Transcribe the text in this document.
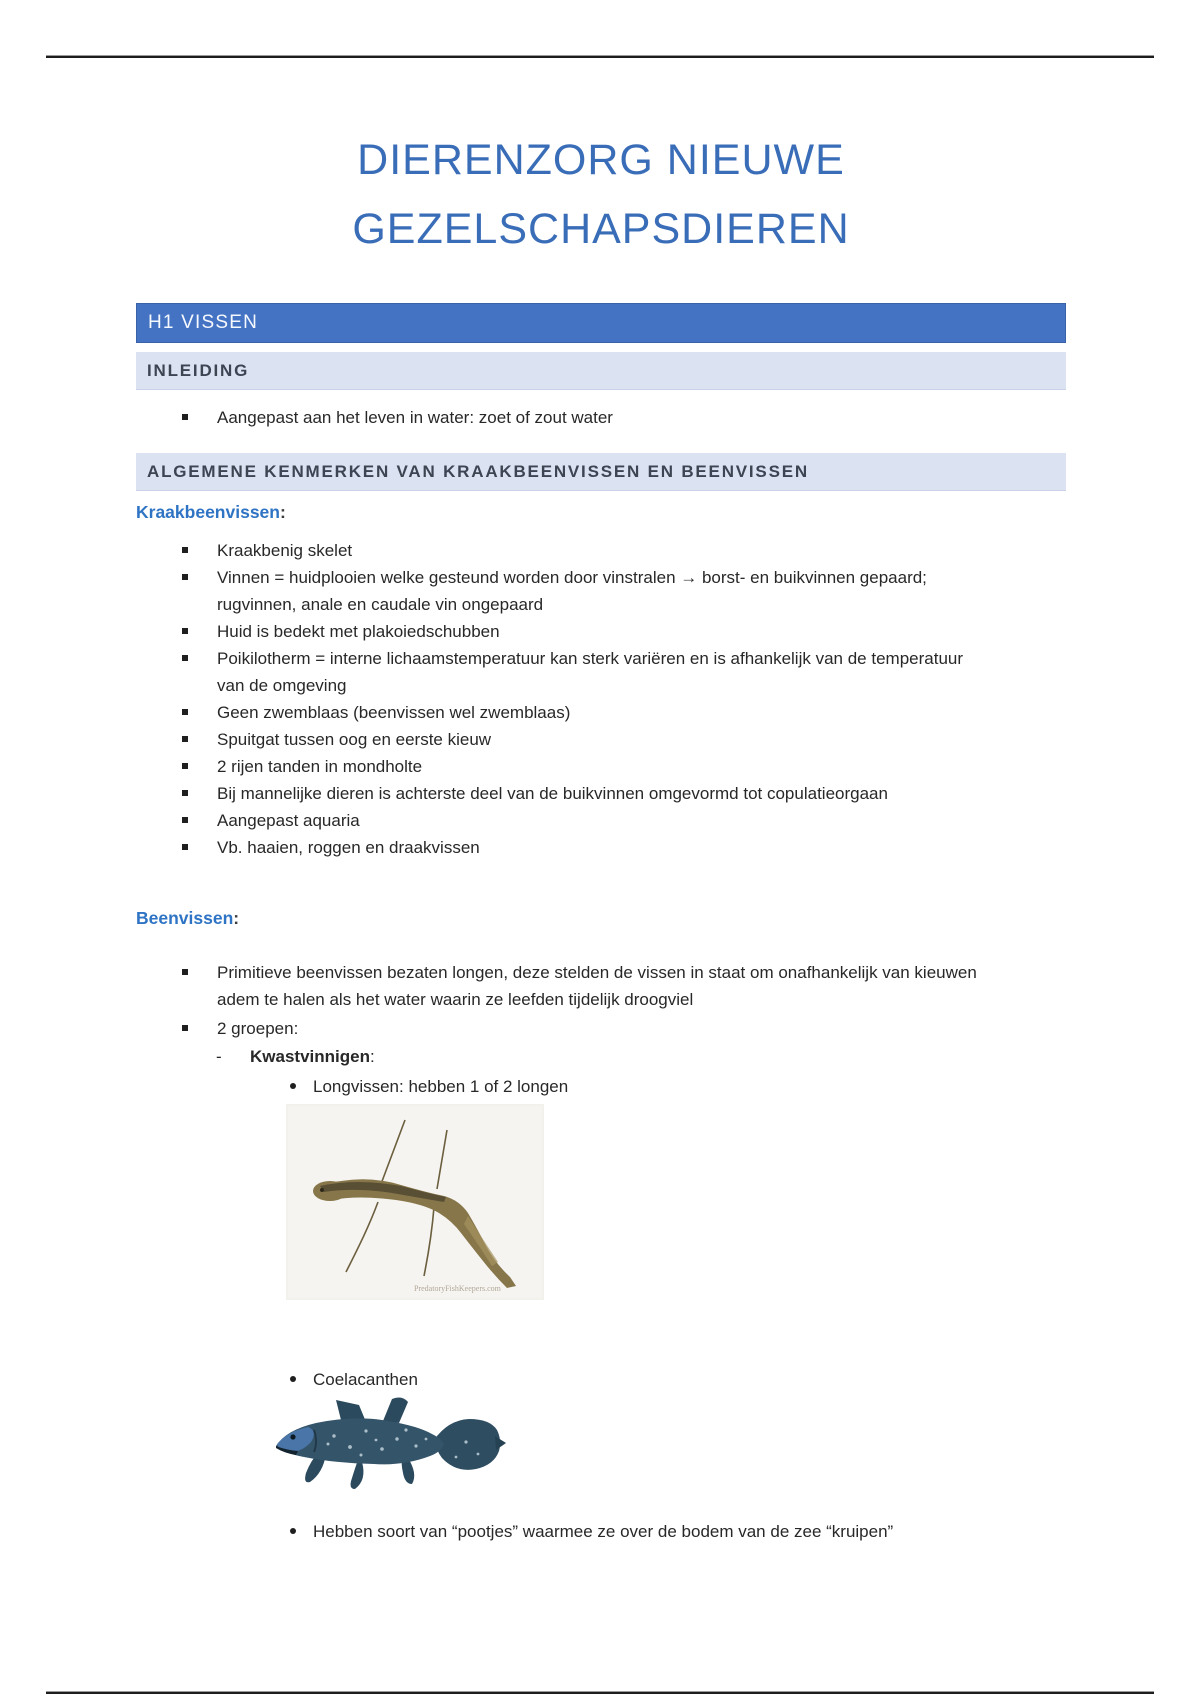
DIERENZORG NIEUWE
GEZELSCHAPSDIEREN
H1 VISSEN
INLEIDING
Aangepast aan het leven in water: zoet of zout water
ALGEMENE KENMERKEN VAN KRAAKBEENVISSEN EN BEENVISSEN
Kraakbeenvissen:
Kraakbenig skelet
Vinnen = huidplooien welke gesteund worden door vinstralen → borst- en buikvinnen gepaard;
rugvinnen, anale en caudale vin ongepaard
Huid is bedekt met plakoiedschubben
Poikilotherm = interne lichaamstemperatuur kan sterk variëren en is afhankelijk van de temperatuur
van de omgeving
Geen zwemblaas (beenvissen wel zwemblaas)
Spuitgat tussen oog en eerste kieuw
2 rijen tanden in mondholte
Bij mannelijke dieren is achterste deel van de buikvinnen omgevormd tot copulatieorgaan
Aangepast aquaria
Vb. haaien, roggen en draakvissen
Beenvissen:
Primitieve beenvissen bezaten longen, deze stelden de vissen in staat om onafhankelijk van kieuwen
adem te halen als het water waarin ze leefden tijdelijk droogviel
2 groepen:
-	Kwastvinnigen:
Longvissen: hebben 1 of 2 longen
PredatoryFishKeepers.com
Coelacanthen
Hebben soort van “pootjes” waarmee ze over de bodem van de zee “kruipen”
